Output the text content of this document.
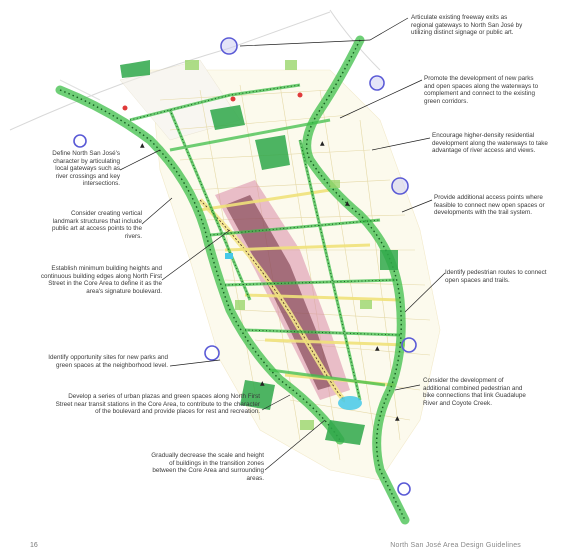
▲	▲
▲
▲
▲
▲
Articulate existing freeway exits as regional gateways to North San José by utilizing distinct signage or public art.
Promote the development of new parks and open spaces along the waterways to complement and connect to the existing green corridors.
Encourage higher-density residential development along the waterways to take advantage of river access and views.
Provide additional access points where feasible to connect new open spaces or developments with the trail system.
Identify pedestrian routes to connect open spaces and trails.
Consider the development of additional combined pedestrian and bike connections that link Guadalupe River and Coyote Creek.
Define North San José's character by articulating local gateways such as river crossings and key intersections.
Consider creating vertical landmark structures that include public art at access points to the rivers.
Establish minimum building heights and continuous building edges along North First Street in the Core Area to define it as the area's signature boulevard.
Identify opportunity sites for new parks and green spaces at the neighborhood level.
Develop a series of urban plazas and green spaces along North First Street near transit stations in the Core Area, to contribute to the character of the boulevard and provide places for rest and recreation.
Gradually decrease the scale and height of buildings in the transition zones between the Core Area and surrounding areas.
16	North San José Area Design Guidelines
